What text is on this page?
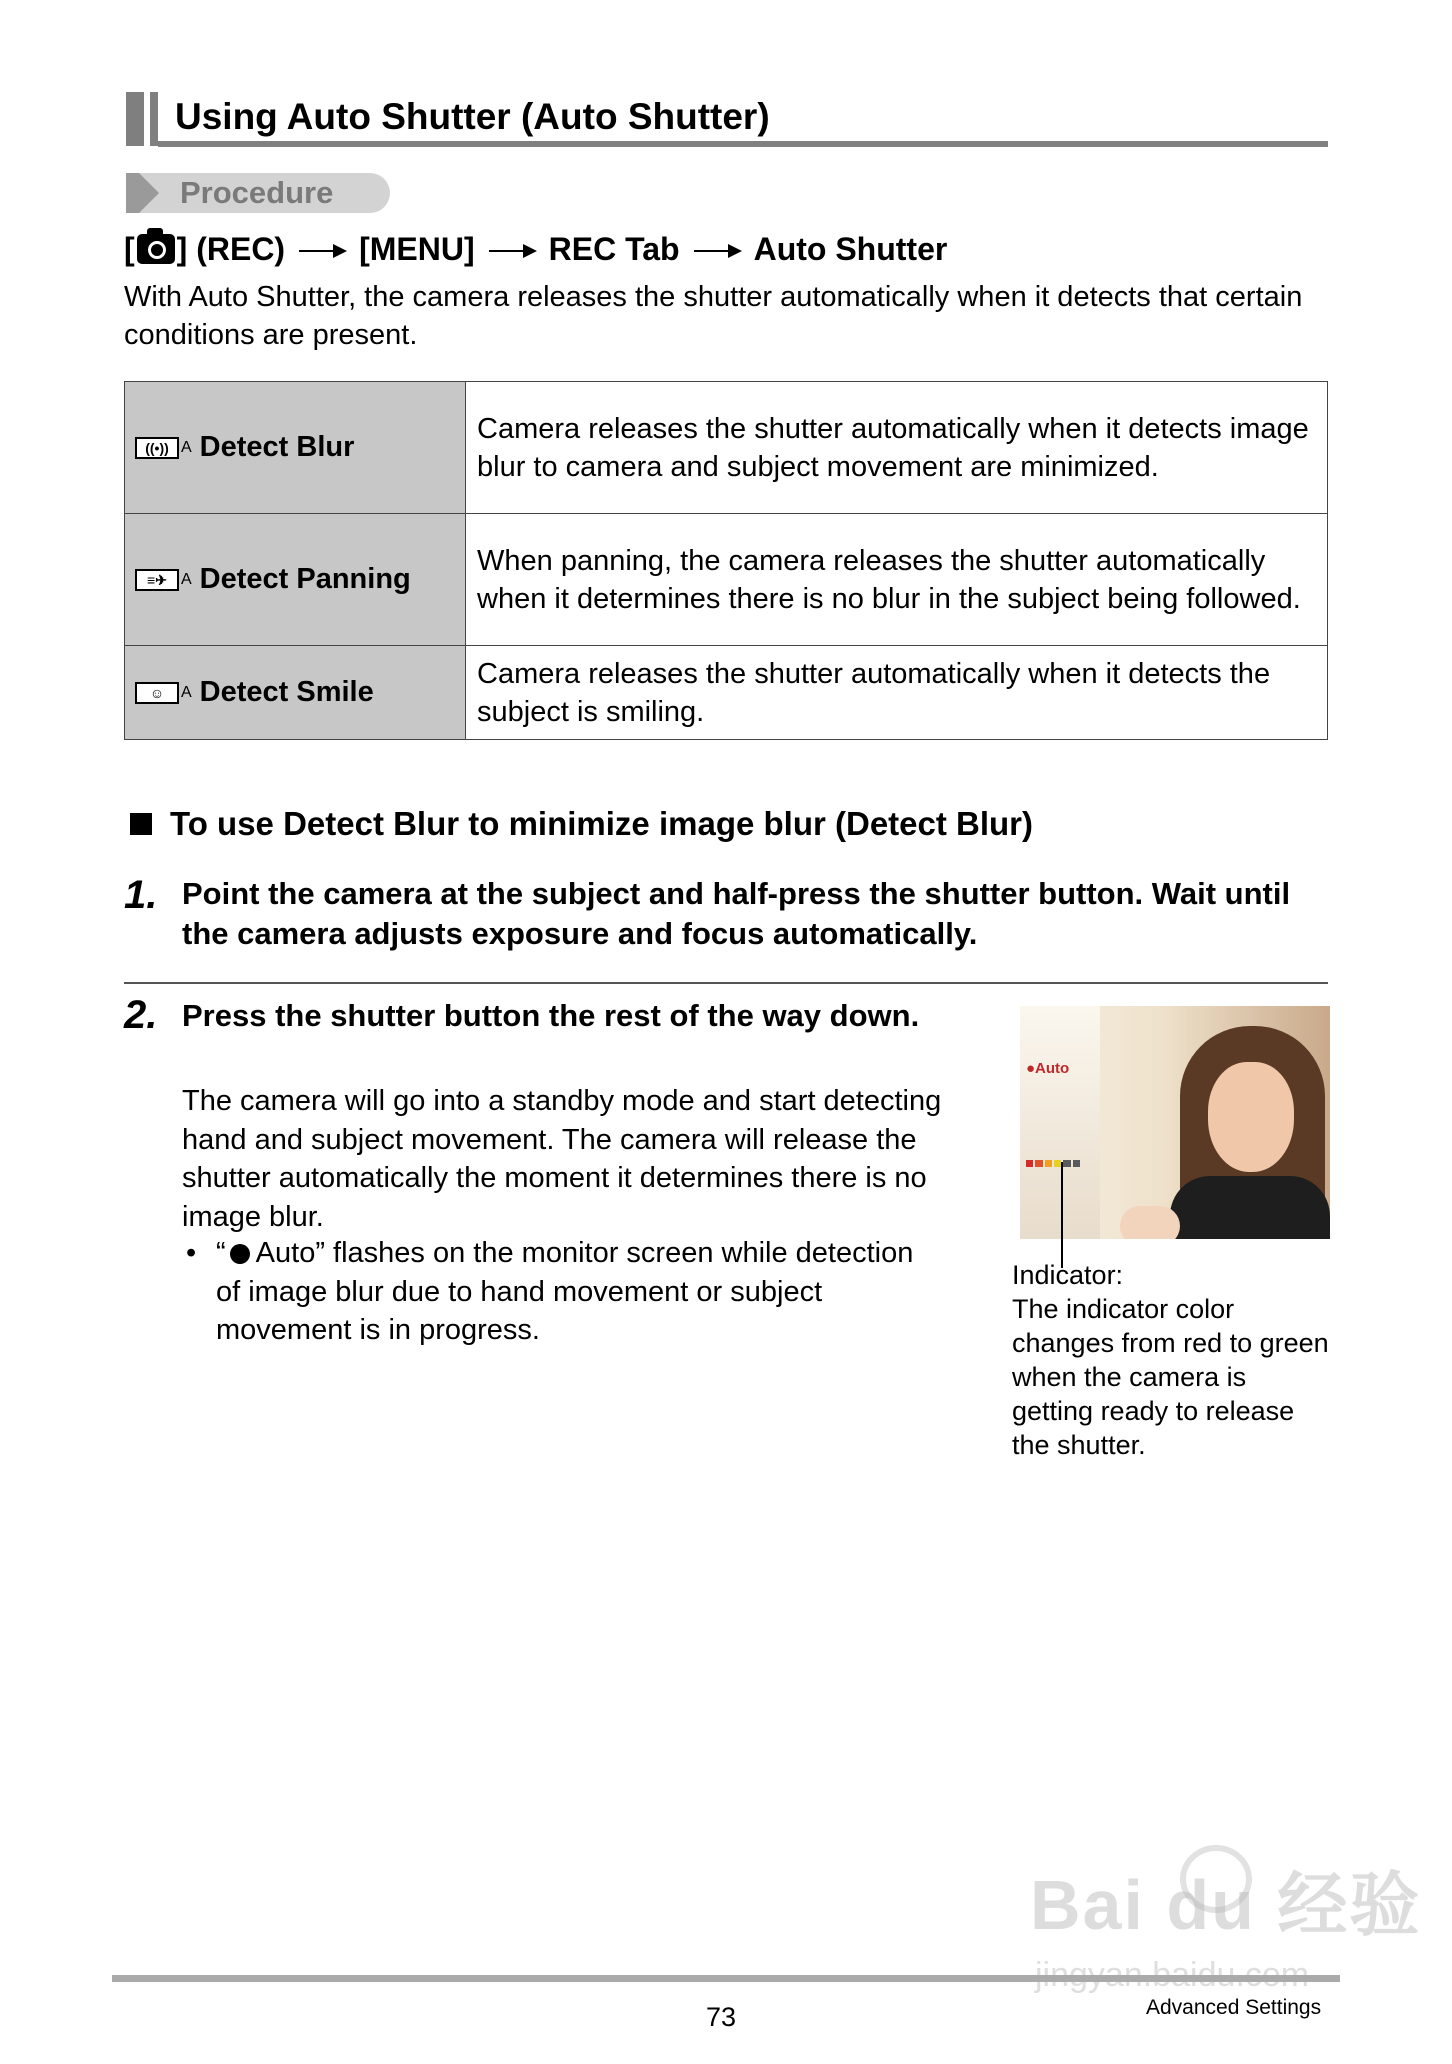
Using Auto Shutter (Auto Shutter)
Procedure
[ ] (REC) [MENU] REC Tab Auto Shutter
With Auto Shutter, the camera releases the shutter automatically when it detects that certain conditions are present.
((•)) A Detect Blur	Camera releases the shutter automatically when it detects image blur to camera and subject movement are minimized.
≡✈ A Detect Panning	When panning, the camera releases the shutter automatically when it determines there is no blur in the subject being followed.
☺ A Detect Smile	Camera releases the shutter automatically when it detects the subject is smiling.
To use Detect Blur to minimize image blur (Detect Blur)
1. Point the camera at the subject and half-press the shutter button. Wait until the camera adjusts exposure and focus automatically.
2. Press the shutter button the rest of the way down.
The camera will go into a standby mode and start detecting hand and subject movement. The camera will release the shutter automatically the moment it determines there is no image blur.
• “ Auto” flashes on the monitor screen while detection of image blur due to hand movement or subject movement is in progress.
●Auto
Indicator:
The indicator color changes from red to green when the camera is getting ready to release the shutter.
Bai du 经验
73	Advanced Settings
